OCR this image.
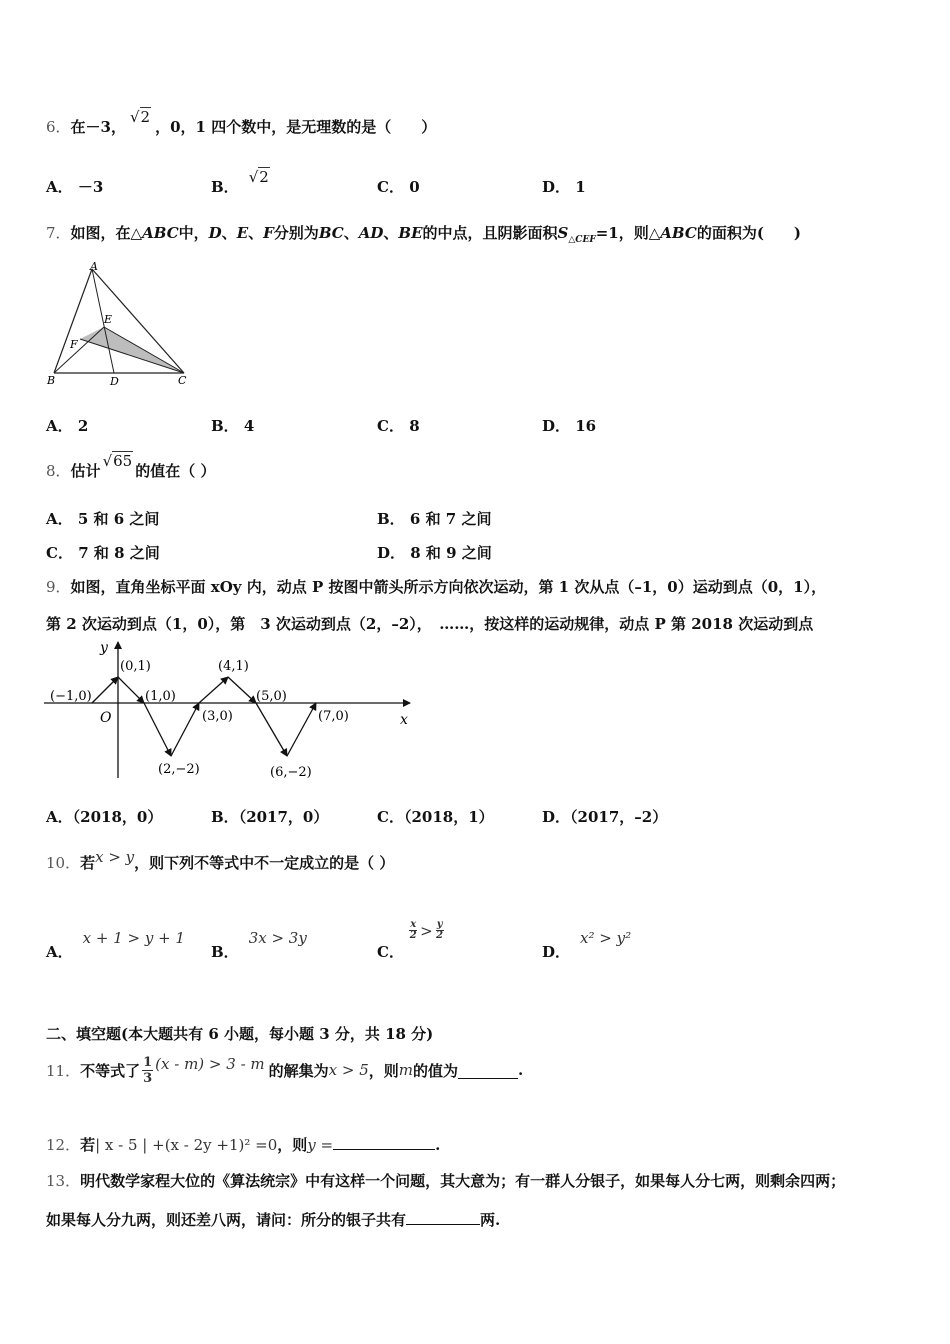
6．在－3，√2，0，1 四个数中，是无理数的是（　　）
A． －3	B．√2
C． 0	D． 1
7．如图，在△ABC中，D、E、F分别为BC、AD、BE的中点，且阴影面积$S_{\triangle CEF}=1$，则△ABC的面积为(　　)
A
B	C
D
E
F
A． 2	B． 4	C． 8	D． 16
8．估计√65的值在（ ）
A． 5 和 6 之间	B． 6 和 7 之间
C． 7 和 8 之间	D． 8 和 9 之间
9．如图，直角坐标平面 xOy 内，动点 P 按图中箭头所示方向依次运动，第 1 次从点（–1，0）运动到点（0，1），
第 2 次运动到点（1，0），第　3 次运动到点（2，–2），　……，按这样的运动规律，动点 P 第 2018 次运动到点
y
x
O
(−1,0)
(0,1)
(1,0)
(2,−2)
(3,0)
(4,1)
(5,0)
(6,−2)
(7,0)
A．（2018，0）	B．（2017，0）	C．（2018，1）	D．（2017，–2）
10．若x > y，则下列不等式中不一定成立的是（ ）
A．x + 1 > y + 1
B．3x > 3y
C．
$\frac{x}{2} > \frac{y}{2}$
D．x² > y²
二、填空题(本大题共有 6 小题，每小题 3 分，共 18 分)
11． 不等式了 $\frac{1}{3} (x - m) > 3 - m$ 的解集为 x > 5 ，则 m 的值为	.
12．若| x - 5 | +(x - 2y +1)² =0，则y =	.
13．明代数学家程大位的《算法统宗》中有这样一个问题，其大意为；有一群人分银子，如果每人分七两，则剩余四两；
如果每人分九两，则还差八两，请问：所分的银子共有	两.
